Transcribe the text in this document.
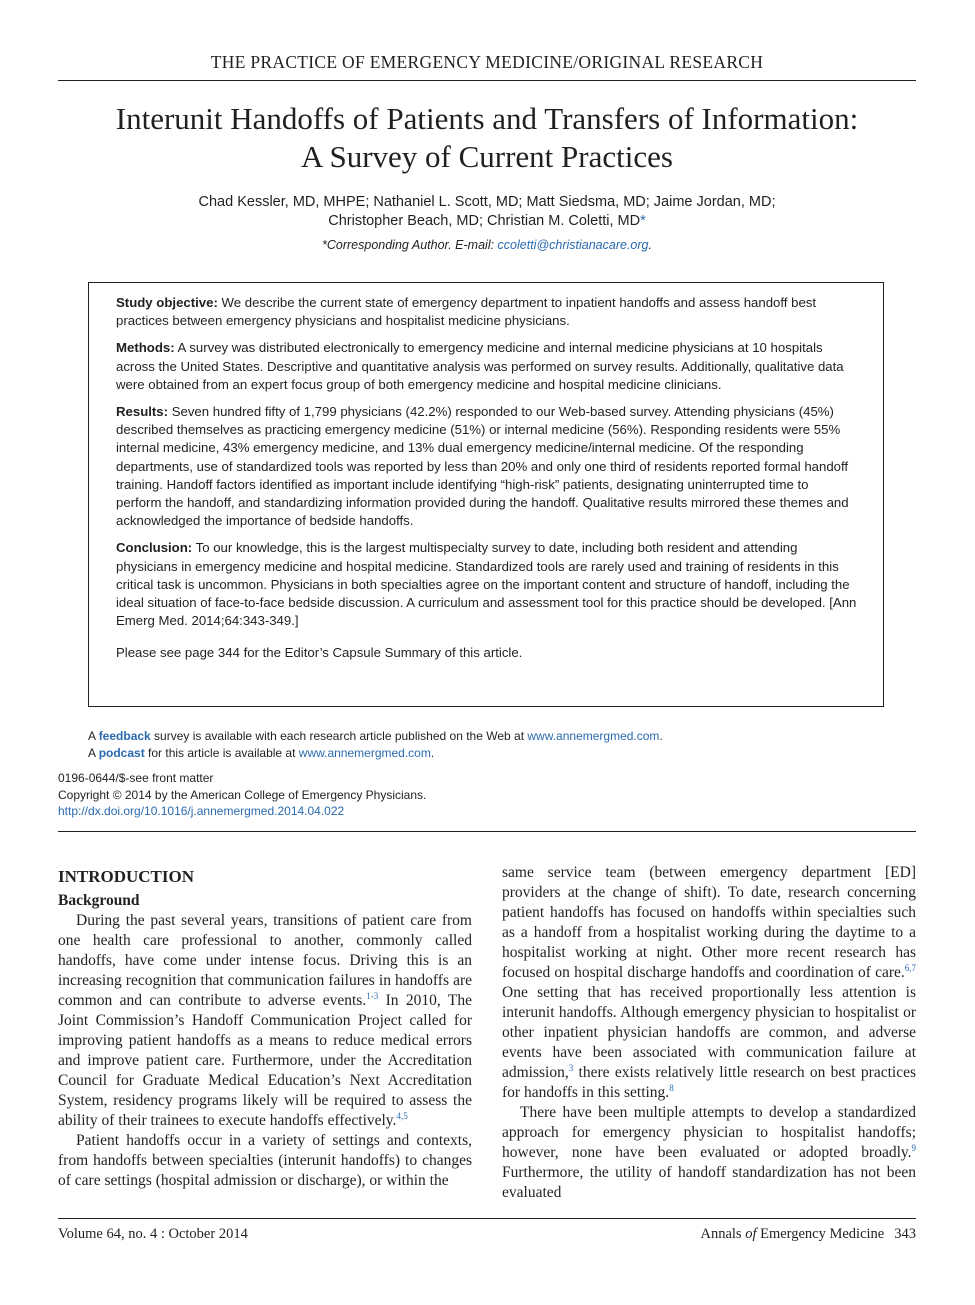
THE PRACTICE OF EMERGENCY MEDICINE/ORIGINAL RESEARCH
Interunit Handoffs of Patients and Transfers of Information:
A Survey of Current Practices
Chad Kessler, MD, MHPE; Nathaniel L. Scott, MD; Matt Siedsma, MD; Jaime Jordan, MD;
Christopher Beach, MD; Christian M. Coletti, MD*
*Corresponding Author. E-mail: ccoletti@christianacare.org.

Study objective: We describe the current state of emergency department to inpatient handoffs and assess handoff best practices between emergency physicians and hospitalist medicine physicians.

Methods: A survey was distributed electronically to emergency medicine and internal medicine physicians at 10 hospitals across the United States. Descriptive and quantitative analysis was performed on survey results. Additionally, qualitative data were obtained from an expert focus group of both emergency medicine and hospital medicine clinicians.

Results: Seven hundred fifty of 1,799 physicians (42.2%) responded to our Web-based survey. Attending physicians (45%) described themselves as practicing emergency medicine (51%) or internal medicine (56%). Responding residents were 55% internal medicine, 43% emergency medicine, and 13% dual emergency medicine/internal medicine. Of the responding departments, use of standardized tools was reported by less than 20% and only one third of residents reported formal handoff training. Handoff factors identified as important include identifying “high-risk” patients, designating uninterrupted time to perform the handoff, and standardizing information provided during the handoff. Qualitative results mirrored these themes and acknowledged the importance of bedside handoffs.

Conclusion: To our knowledge, this is the largest multispecialty survey to date, including both resident and attending physicians in emergency medicine and hospital medicine. Standardized tools are rarely used and training of residents in this critical task is uncommon. Physicians in both specialties agree on the important content and structure of handoff, including the ideal situation of face-to-face bedside discussion. A curriculum and assessment tool for this practice should be developed. [Ann Emerg Med. 2014;64:343-349.]

Please see page 344 for the Editor’s Capsule Summary of this article.

A feedback survey is available with each research article published on the Web at www.annemergmed.com.
A podcast for this article is available at www.annemergmed.com.
0196-0644/$-see front matter
Copyright © 2014 by the American College of Emergency Physicians.
http://dx.doi.org/10.1016/j.annemergmed.2014.04.022
INTRODUCTION
Background

During the past several years, transitions of patient care from one health care professional to another, commonly called handoffs, have come under intense focus. Driving this is an increasing recognition that communication failures in handoffs are common and can contribute to adverse events.$^{1-3}$ In 2010, The Joint Commission’s Handoff Communication Project called for improving patient handoffs as a means to reduce medical errors and improve patient care. Furthermore, under the Accreditation Council for Graduate Medical Education’s Next Accreditation System, residency programs likely will be required to assess the ability of their trainees to execute handoffs effectively.$^{4,5}$

Patient handoffs occur in a variety of settings and contexts, from handoffs between specialties (interunit handoffs) to changes of care settings (hospital admission or discharge), or within the

same service team (between emergency department [ED] providers at the change of shift). To date, research concerning patient handoffs has focused on handoffs within specialties such as a handoff from a hospitalist working during the daytime to a hospitalist working at night. Other more recent research has focused on hospital discharge handoffs and coordination of care.$^{6,7}$ One setting that has received proportionally less attention is interunit handoffs. Although emergency physician to hospitalist or other inpatient physician handoffs are common, and adverse events have been associated with communication failure at admission,$^3$ there exists relatively little research on best practices for handoffs in this setting.$^8$

There have been multiple attempts to develop a standardized approach for emergency physician to hospitalist handoffs; however, none have been evaluated or adopted broadly.$^9$ Furthermore, the utility of handoff standardization has not been evaluated

Volume 64, no. 4 : October 2014	Annals of Emergency Medicine 343
